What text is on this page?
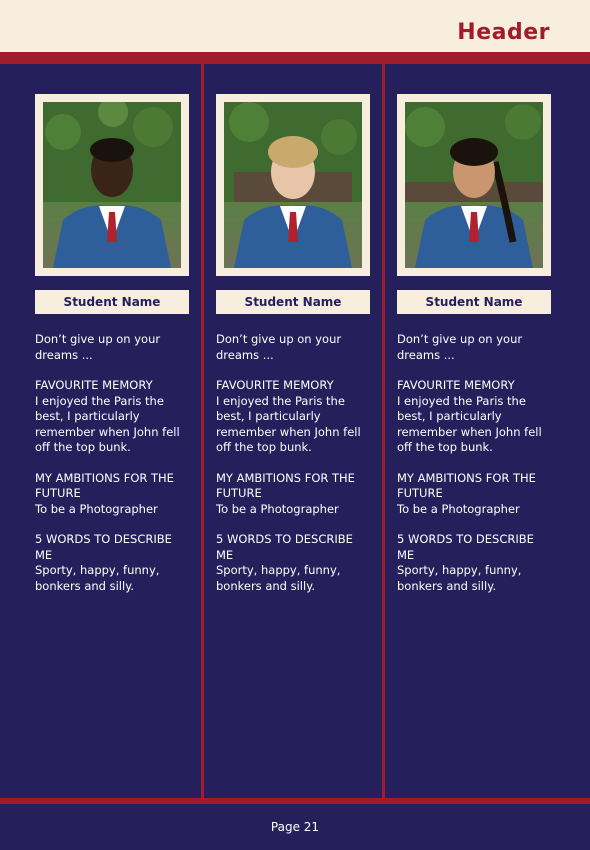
Header
Student Name

Don’t give up on your dreams ...

FAVOURITE MEMORY
I enjoyed the Paris the best, I particularly remember when John fell off the top bunk.

MY AMBITIONS FOR THE FUTURE
To be a Photographer

5 WORDS TO DESCRIBE ME
Sporty, happy, funny, bonkers and silly.

Student Name

Don’t give up on your dreams ...

FAVOURITE MEMORY
I enjoyed the Paris the best, I particularly remember when John fell off the top bunk.

MY AMBITIONS FOR THE FUTURE
To be a Photographer

5 WORDS TO DESCRIBE ME
Sporty, happy, funny, bonkers and silly.

Student Name

Don’t give up on your dreams ...

FAVOURITE MEMORY
I enjoyed the Paris the best, I particularly remember when John fell off the top bunk.

MY AMBITIONS FOR THE FUTURE
To be a Photographer

5 WORDS TO DESCRIBE ME
Sporty, happy, funny, bonkers and silly.

Page 21
